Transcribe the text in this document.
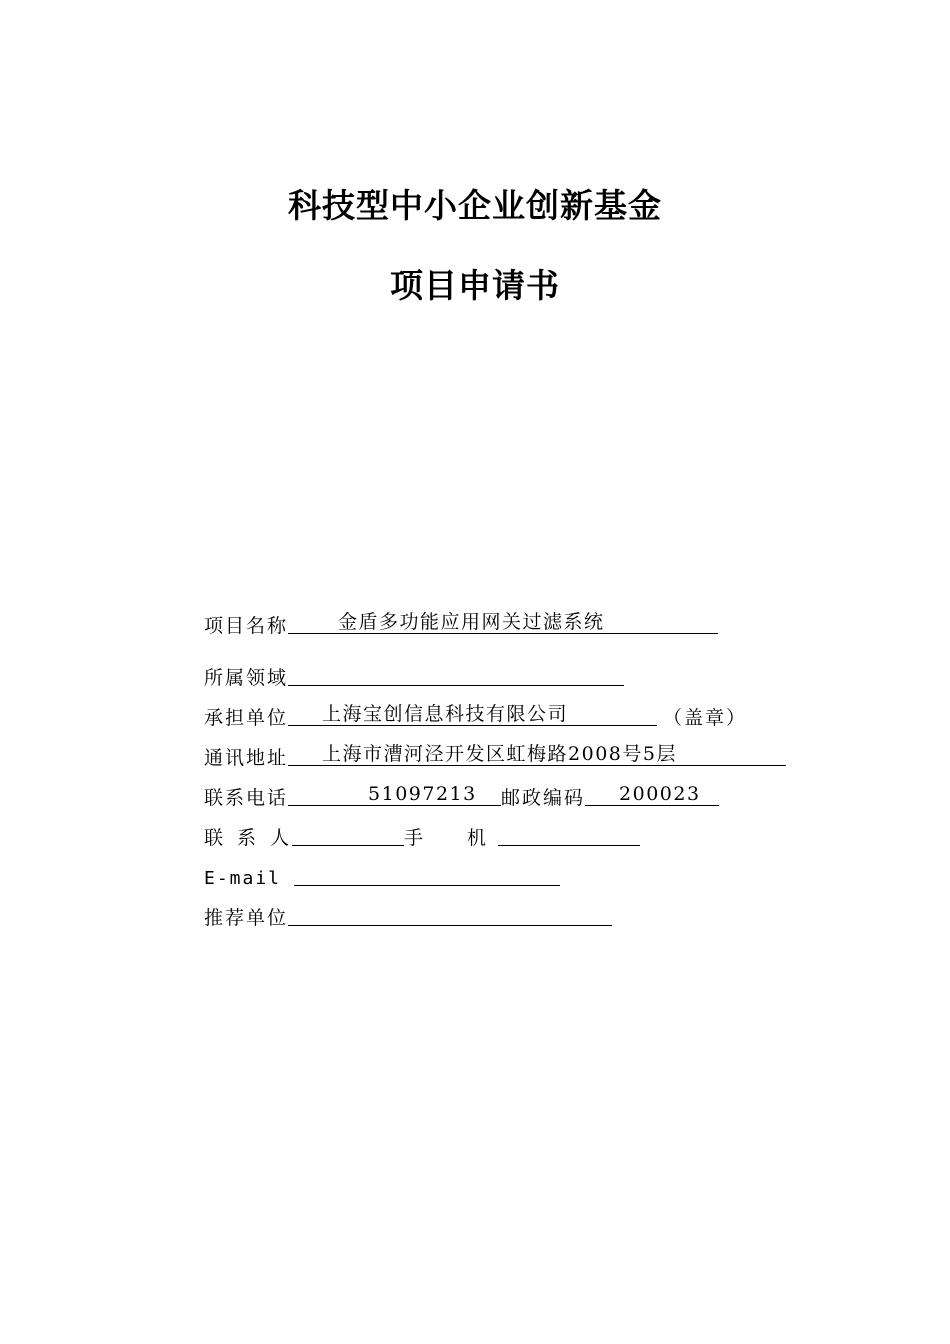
科技型中小企业创新基金
项目申请书
项目名称	金盾多功能应用网关过滤系统
所属领域
承担单位 上海宝创信息科技有限公司	（盖章）
通讯地址 上海市漕河泾开发区虹梅路2008号5层
联系电话	51097213 邮政编码 200023
联 系 人	手　　机
E-mail
推荐单位
